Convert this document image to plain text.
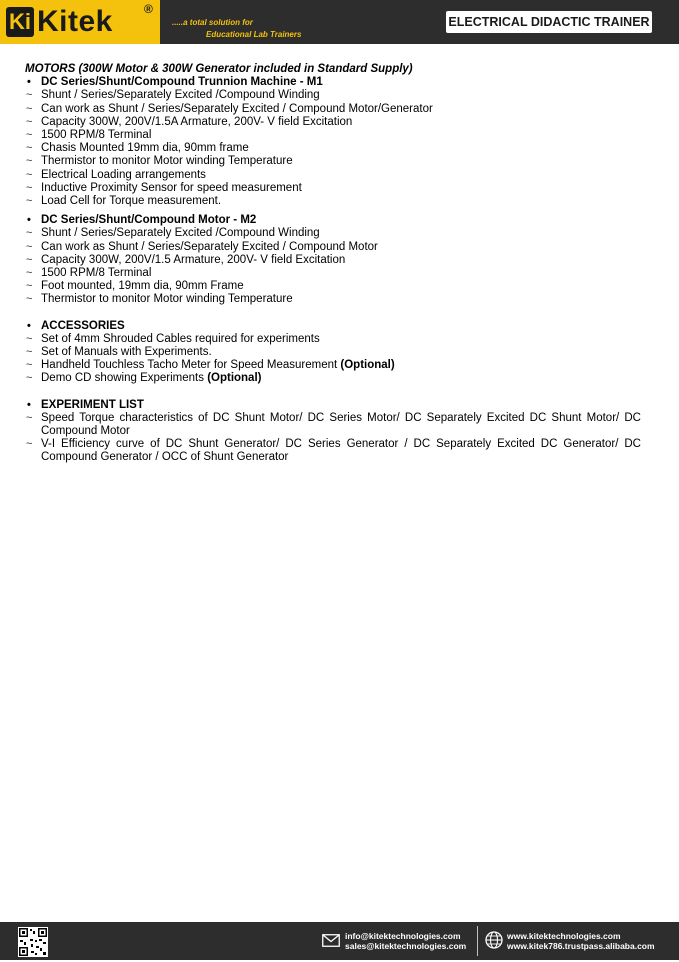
Ki Kitek	®
.....a total solution for
Educational Lab Trainers
ELECTRICAL DIDACTIC TRAINER
MOTORS (300W Motor & 300W Generator included in Standard Supply)
• DC Series/Shunt/Compound Trunnion Machine - M1
~ Shunt / Series/Separately Excited /Compound Winding
~ Can work as Shunt / Series/Separately Excited / Compound Motor/Generator
~ Capacity 300W, 200V/1.5A Armature, 200V- V field Excitation
~ 1500 RPM/8 Terminal
~ Chasis Mounted 19mm dia, 90mm frame
~ Thermistor to monitor Motor winding Temperature
~ Electrical Loading arrangements
~ Inductive Proximity Sensor for speed measurement
~ Load Cell for Torque measurement.
• DC Series/Shunt/Compound Motor - M2
~ Shunt / Series/Separately Excited /Compound Winding
~ Can work as Shunt / Series/Separately Excited / Compound Motor
~ Capacity 300W, 200V/1.5 Armature, 200V- V field Excitation
~ 1500 RPM/8 Terminal
~ Foot mounted, 19mm dia, 90mm Frame
~ Thermistor to monitor Motor winding Temperature
• ACCESSORIES
~ Set of 4mm Shrouded Cables required for experiments
~ Set of Manuals with Experiments.
~ Handheld Touchless Tacho Meter for Speed Measurement (Optional)
~ Demo CD showing Experiments (Optional)
• EXPERIMENT LIST
~ Speed Torque characteristics of DC Shunt Motor/ DC Series Motor/ DC Separately Excited DC Shunt Motor/ DC Compound Motor
~ V-I Efficiency curve of DC Shunt Generator/ DC Series Generator / DC Separately Excited DC Generator/ DC Compound Generator / OCC of Shunt Generator
info@kitektechnologies.com
sales@kitektechnologies.com
www.kitektechnologies.com
www.kitek786.trustpass.alibaba.com
